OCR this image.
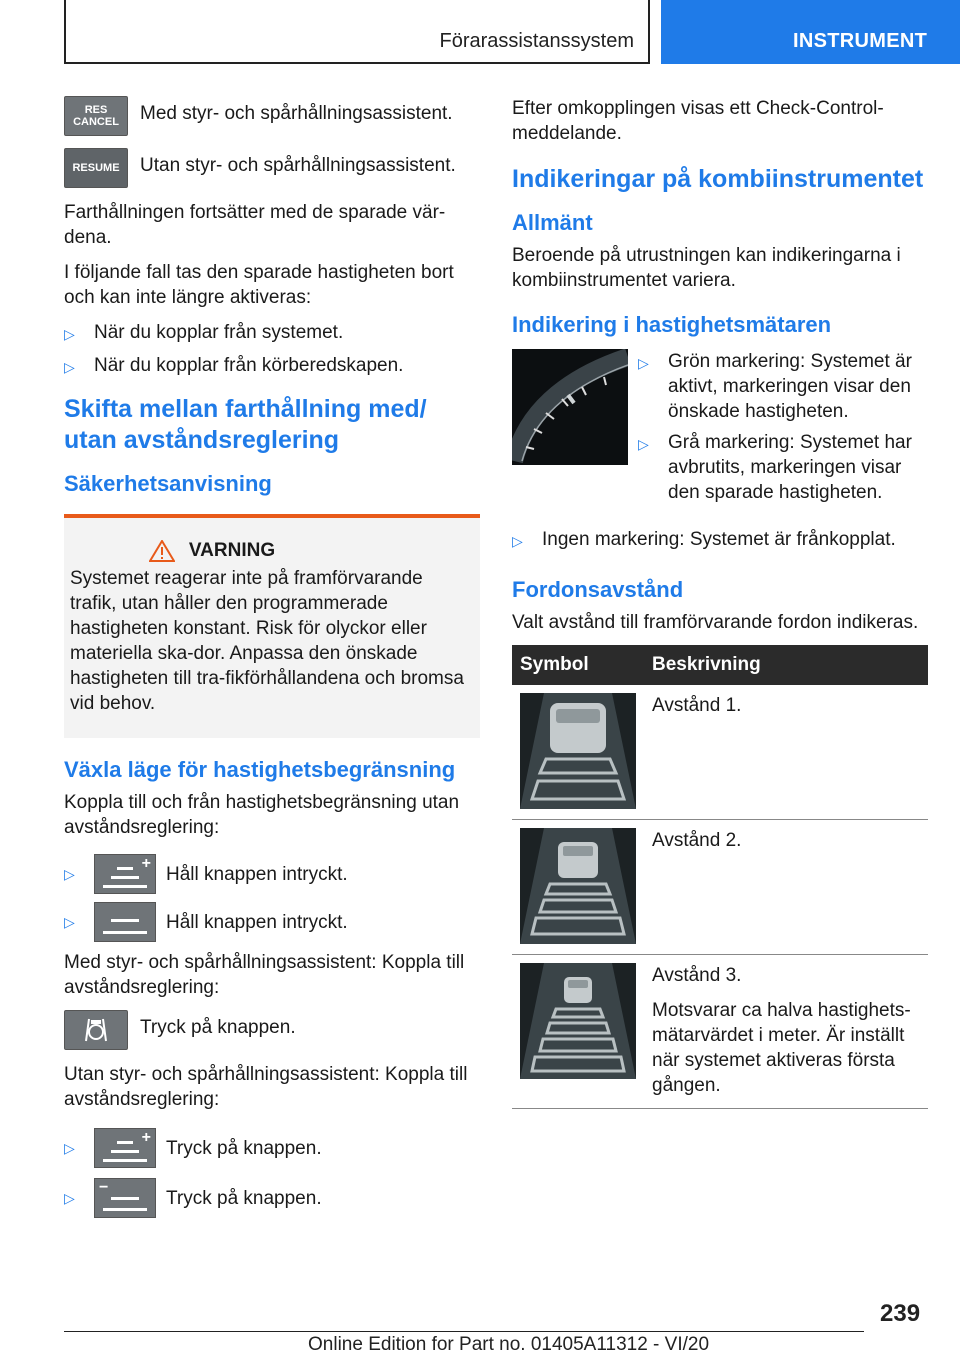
Förarassistanssystem	INSTRUMENT
RES
CANCEL	Med styr- och spårhållningsassistent.
RESUME	Utan styr- och spårhållningsassistent.

Farthållningen fortsätter med de sparade vär-dena.

I följande fall tas den sparade hastigheten bort och kan inte längre aktiveras:

▷	När du kopplar från systemet.
▷	När du kopplar från körberedskapen.
Skifta mellan farthållning med/ utan avståndsreglering
Säkerhetsanvisning
VARNING
Systemet reagerar inte på framförvarande trafik, utan håller den programmerade hastigheten konstant. Risk för olyckor eller materiella ska-dor. Anpassa den önskade hastigheten till tra-fikförhållandena och bromsa vid behov.
Växla läge för hastighetsbegränsning

Koppla till och från hastighetsbegränsning utan avståndsreglering:

▷
+ Håll knappen intryckt.
▷	Håll knappen intryckt.

Med styr- och spårhållningsassistent: Koppla till avståndsreglering:

Tryck på knappen.

Utan styr- och spårhållningsassistent: Koppla till avståndsreglering:

▷
+ Tryck på knappen.
▷
−	Tryck på knappen.

Efter omkopplingen visas ett Check-Control-meddelande.

Indikeringar på kombiinstrumentet
Allmänt

Beroende på utrustningen kan indikeringarna i kombiinstrumentet variera.

Indikering i hastighetsmätaren
▷	Grön markering: Systemet är aktivt, markeringen visar den önskade hastigheten.
▷	Grå markering: Systemet har avbrutits, markeringen visar den sparade hastigheten.
▷	Ingen markering: Systemet är frånkopplat.
Fordonsavstånd

Valt avstånd till framförvarande fordon indikeras.

Symbol	Beskrivning

Avstånd 1.

Avstånd 2.

Avstånd 3.
Motsvarar ca halva hastighets-mätarvärdet i meter. Är inställt när systemet aktiveras första gången.
239
Online Edition for Part no. 01405A11312 - VI/20
